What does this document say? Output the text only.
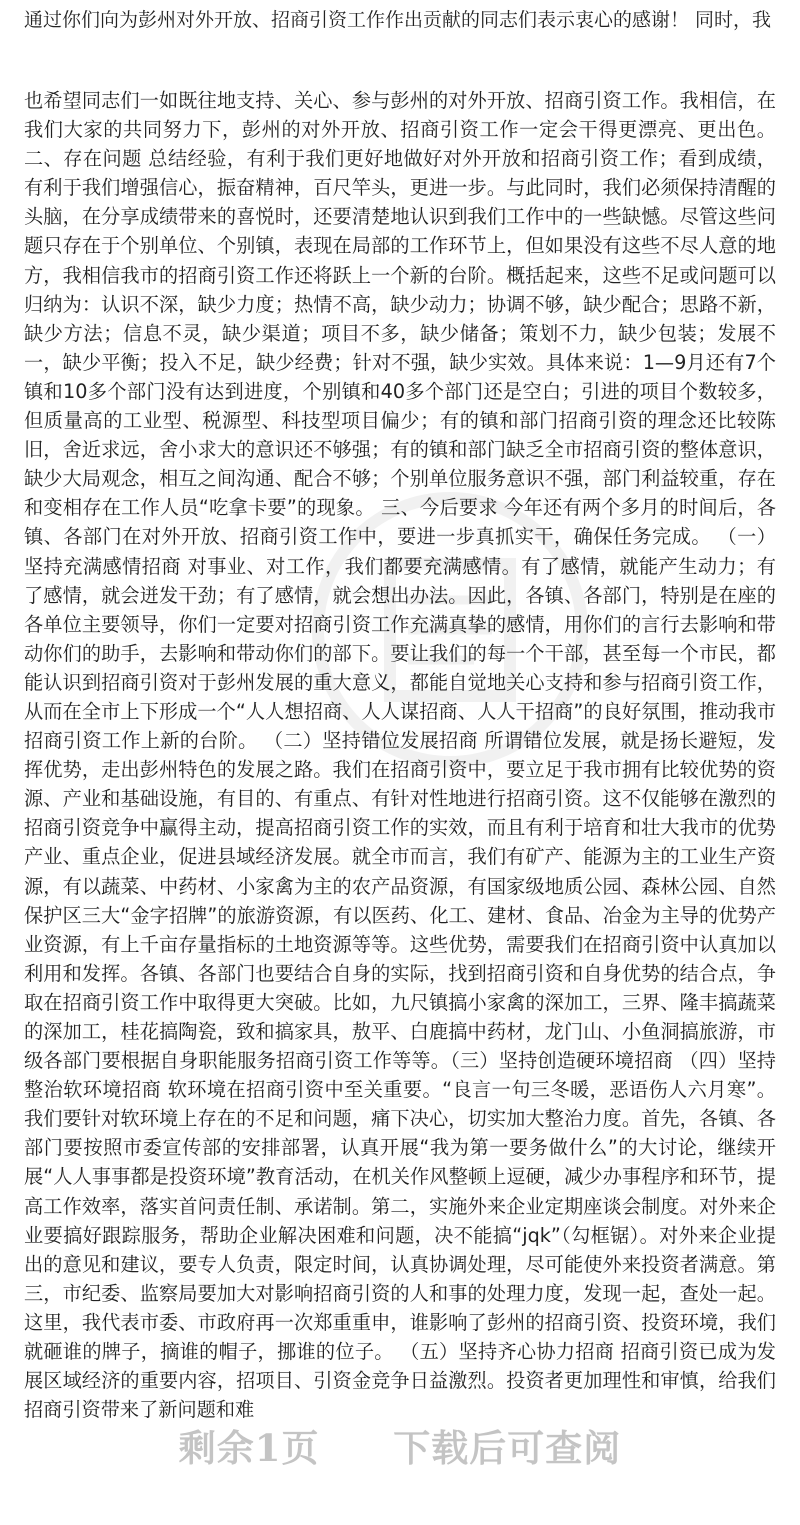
通过你们向为彭州对外开放、招商引资工作作出贡献的同志们表示衷心的感谢！ 同时，我

也希望同志们一如既往地支持、关心、参与彭州的对外开放、招商引资工作。我相信，在我们大家的共同努力下，彭州的对外开放、招商引资工作一定会干得更漂亮、更出色。 二、存在问题 总结经验，有利于我们更好地做好对外开放和招商引资工作；看到成绩，有利于我们增强信心，振奋精神，百尺竿头，更进一步。与此同时，我们必须保持清醒的头脑，在分享成绩带来的喜悦时，还要清楚地认识到我们工作中的一些缺憾。尽管这些问题只存在于个别单位、个别镇，表现在局部的工作环节上，但如果没有这些不尽人意的地方，我相信我市的招商引资工作还将跃上一个新的台阶。概括起来，这些不足或问题可以归纳为：认识不深，缺少力度；热情不高，缺少动力；协调不够，缺少配合；思路不新，缺少方法；信息不灵，缺少渠道；项目不多，缺少储备；策划不力，缺少包装；发展不一，缺少平衡；投入不足，缺少经费；针对不强，缺少实效。具体来说：1—9月还有7个镇和10多个部门没有达到进度，个别镇和40多个部门还是空白；引进的项目个数较多，但质量高的工业型、税源型、科技型项目偏少；有的镇和部门招商引资的理念还比较陈旧，舍近求远，舍小求大的意识还不够强；有的镇和部门缺乏全市招商引资的整体意识，缺少大局观念，相互之间沟通、配合不够；个别单位服务意识不强，部门利益较重，存在和变相存在工作人员“吃拿卡要”的现象。 三、今后要求 今年还有两个多月的时间后，各镇、各部门在对外开放、招商引资工作中，要进一步真抓实干，确保任务完成。 （一）坚持充满感情招商 对事业、对工作，我们都要充满感情。有了感情，就能产生动力；有了感情，就会迸发干劲；有了感情，就会想出办法。因此，各镇、各部门，特别是在座的各单位主要领导，你们一定要对招商引资工作充满真挚的感情，用你们的言行去影响和带动你们的助手，去影响和带动你们的部下。要让我们的每一个干部，甚至每一个市民，都能认识到招商引资对于彭州发展的重大意义，都能自觉地关心支持和参与招商引资工作，从而在全市上下形成一个“人人想招商、人人谋招商、人人干招商”的良好氛围，推动我市招商引资工作上新的台阶。 （二）坚持错位发展招商 所谓错位发展，就是扬长避短，发挥优势，走出彭州特色的发展之路。我们在招商引资中，要立足于我市拥有比较优势的资源、产业和基础设施，有目的、有重点、有针对性地进行招商引资。这不仅能够在激烈的招商引资竞争中赢得主动，提高招商引资工作的实效，而且有利于培育和壮大我市的优势产业、重点企业，促进县域经济发展。就全市而言，我们有矿产、能源为主的工业生产资源，有以蔬菜、中药材、小家禽为主的农产品资源，有国家级地质公园、森林公园、自然保护区三大“金字招牌”的旅游资源，有以医药、化工、建材、食品、冶金为主导的优势产业资源，有上千亩存量指标的土地资源等等。这些优势，需要我们在招商引资中认真加以利用和发挥。各镇、各部门也要结合自身的实际，找到招商引资和自身优势的结合点，争取在招商引资工作中取得更大突破。比如，九尺镇搞小家禽的深加工，三界、隆丰搞蔬菜的深加工，桂花搞陶瓷，致和搞家具，敖平、白鹿搞中药材，龙门山、小鱼洞搞旅游，市级各部门要根据自身职能服务招商引资工作等等。（三）坚持创造硬环境招商 （四）坚持整治软环境招商 软环境在招商引资中至关重要。“良言一句三冬暖，恶语伤人六月寒”。我们要针对软环境上存在的不足和问题，痛下决心，切实加大整治力度。首先，各镇、各部门要按照市委宣传部的安排部署，认真开展“我为第一要务做什么”的大讨论，继续开展“人人事事都是投资环境”教育活动，在机关作风整顿上逗硬，减少办事程序和环节，提高工作效率，落实首问责任制、承诺制。第二，实施外来企业定期座谈会制度。对外来企业要搞好跟踪服务，帮助企业解决困难和问题，决不能搞“jqk”（勾框锯）。对外来企业提出的意见和建议，要专人负责，限定时间，认真协调处理，尽可能使外来投资者满意。第三，市纪委、监察局要加大对影响招商引资的人和事的处理力度，发现一起，查处一起。这里，我代表市委、市政府再一次郑重重申，谁影响了彭州的招商引资、投资环境，我们就砸谁的牌子，摘谁的帽子，挪谁的位子。 （五）坚持齐心协力招商 招商引资已成为发展区域经济的重要内容，招项目、引资金竞争日益激烈。投资者更加理性和审慎，给我们招商引资带来了新问题和难

剩余1页 下载后可查阅
